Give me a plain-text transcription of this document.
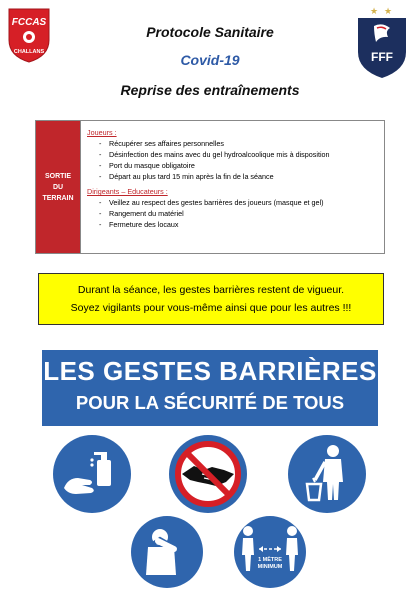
FCCAS
CHALLANS
★ ★
FFF
Protocole Sanitaire
Covid-19
Reprise des entraînements
SORTIE
DU
TERRAIN
Joueurs :
- Récupérer ses affaires personnelles
- Désinfection des mains avec du gel hydroalcoolique mis à disposition
- Port du masque obligatoire
- Départ au plus tard 15 min après la fin de la séance
Dirigeants – Educateurs :
- Veillez au respect des gestes barrières des joueurs (masque et gel)
- Rangement du matériel
- Fermeture des locaux
Durant la séance, les gestes barrières restent de vigueur.
Soyez vigilants pour vous-même ainsi que pour les autres !!!
LES GESTES BARRIÈRES
POUR LA SÉCURITÉ DE TOUS
1 MÈTRE
MINIMUM
